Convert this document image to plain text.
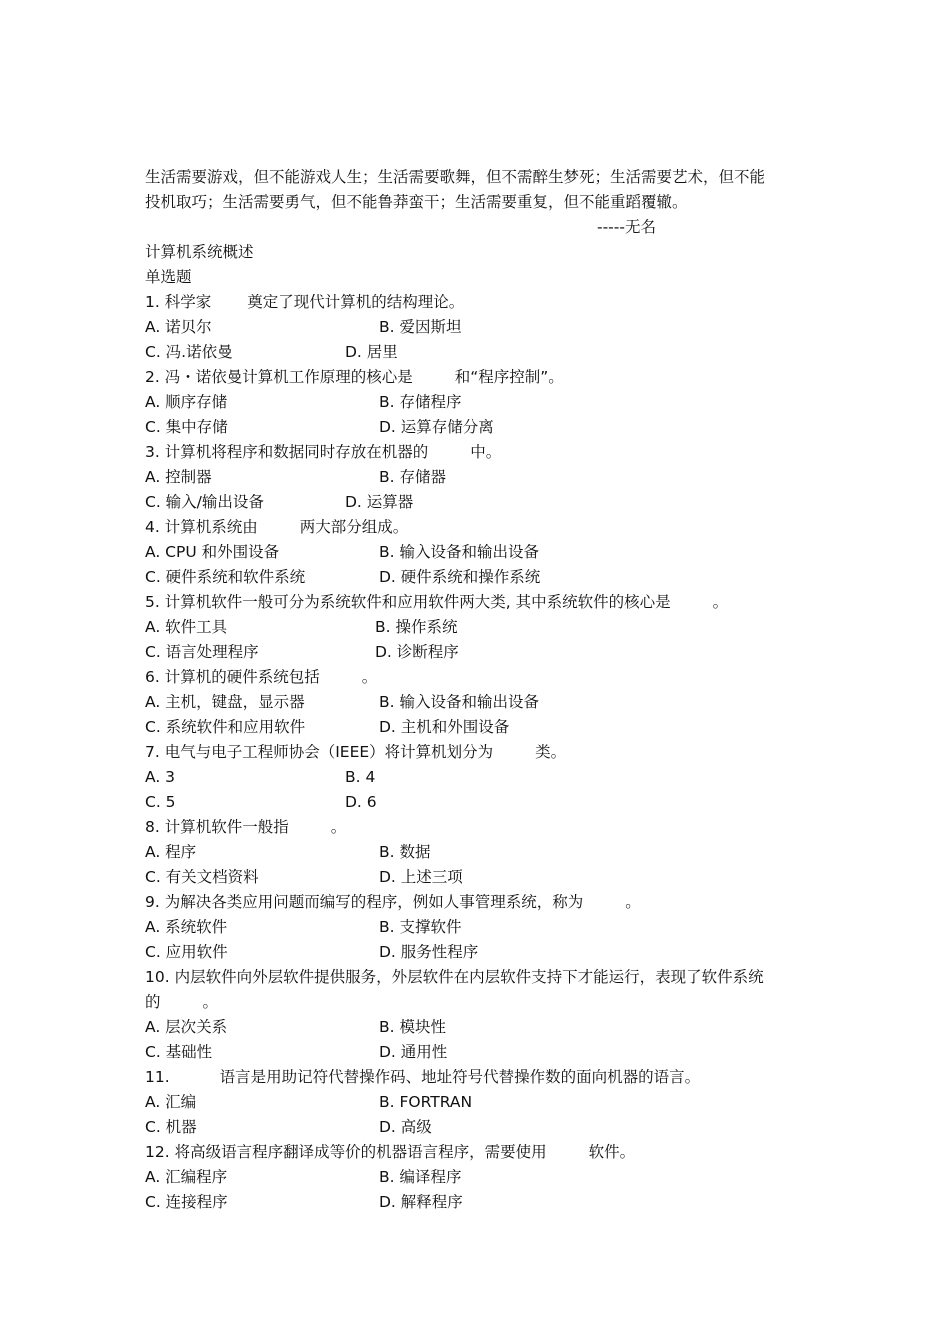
生活需要游戏，但不能游戏人生；生活需要歌舞，但不需醉生梦死；生活需要艺术，但不能
投机取巧；生活需要勇气，但不能鲁莽蛮干；生活需要重复，但不能重蹈覆辙。
-----无名
计算机系统概述
单选题
1. 科学家 奠定了现代计算机的结构理论。
A. 诺贝尔	B. 爱因斯坦
C. 冯.诺依曼	D. 居里
2. 冯・诺依曼计算机工作原理的核心是	和“程序控制”。
A. 顺序存储	B. 存储程序
C. 集中存储	D. 运算存储分离
3. 计算机将程序和数据同时存放在机器的	中。
A. 控制器	B. 存储器
C. 输入/输出设备	D. 运算器
4. 计算机系统由	两大部分组成。
A. CPU 和外围设备	B. 输入设备和输出设备
C. 硬件系统和软件系统	D. 硬件系统和操作系统
5. 计算机软件一般可分为系统软件和应用软件两大类, 其中系统软件的核心是	。
A. 软件工具	B. 操作系统
C. 语言处理程序	D. 诊断程序
6. 计算机的硬件系统包括	。
A. 主机，键盘，显示器	B. 输入设备和输出设备
C. 系统软件和应用软件	D. 主机和外围设备
7. 电气与电子工程师协会（IEEE）将计算机划分为	类。
A. 3	B. 4
C. 5	D. 6
8. 计算机软件一般指	。
A. 程序	B. 数据
C. 有关文档资料	D. 上述三项
9. 为解决各类应用问题而编写的程序，例如人事管理系统，称为	。
A. 系统软件	B. 支撑软件
C. 应用软件	D. 服务性程序
10. 内层软件向外层软件提供服务，外层软件在内层软件支持下才能运行，表现了软件系统
的	。
A. 层次关系	B. 模块性
C. 基础性	D. 通用性
11.	语言是用助记符代替操作码、地址符号代替操作数的面向机器的语言。
A. 汇编	B. FORTRAN
C. 机器	D. 高级
12. 将高级语言程序翻译成等价的机器语言程序，需要使用	软件。
A. 汇编程序	B. 编译程序
C. 连接程序	D. 解释程序
